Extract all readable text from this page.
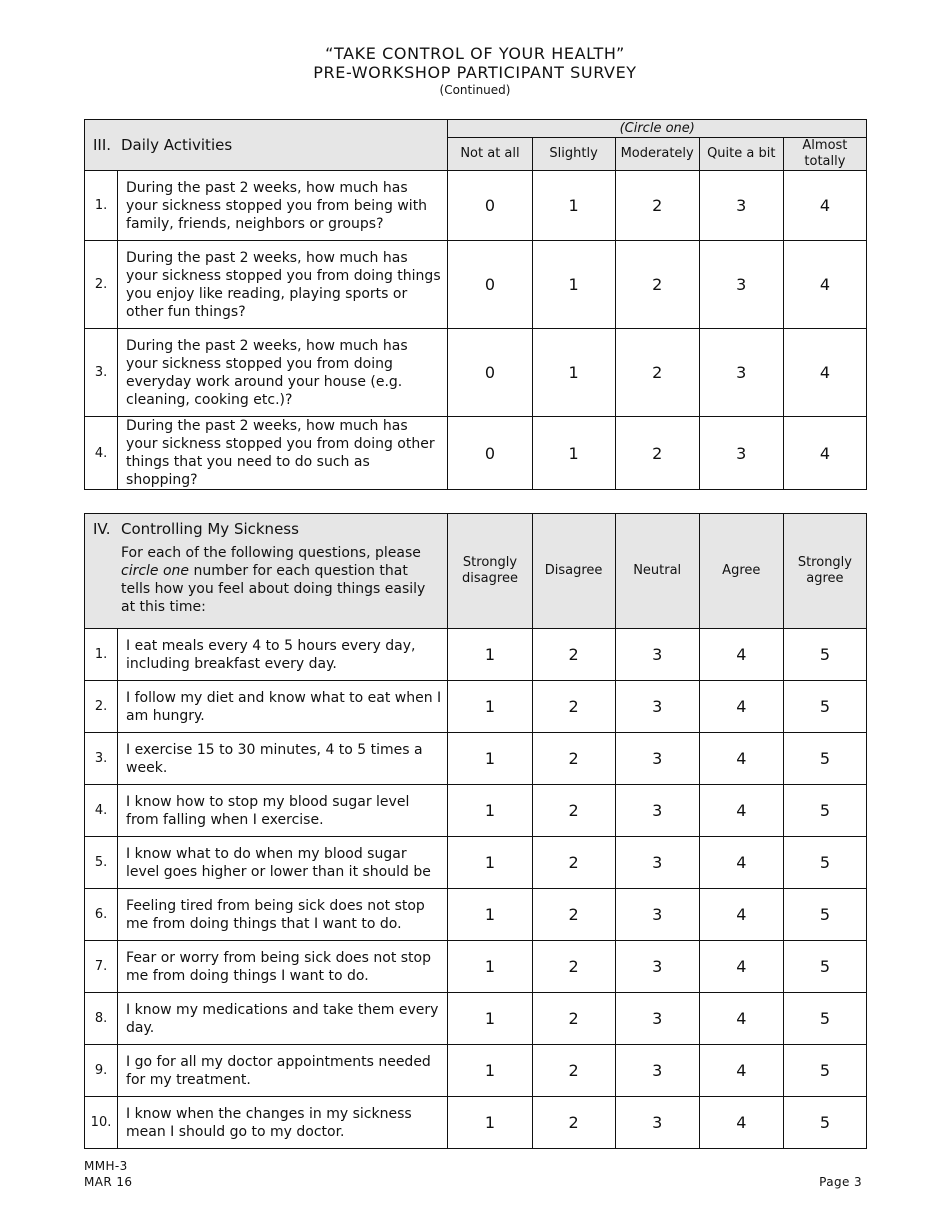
“TAKE CONTROL OF YOUR HEALTH”
PRE-WORKSHOP PARTICIPANT SURVEY
(Continued)
III. Daily Activities		(Circle one)				
		Not at all	Slightly	Moderately	Quite a bit	Almost totally
1.	During the past 2 weeks, how much has your sickness stopped you from being with family, friends, neighbors or groups?	0	1	2	3	4
2.	During the past 2 weeks, how much has your sickness stopped you from doing things you enjoy like reading, playing sports or other fun things?	0	1	2	3	4
3.	During the past 2 weeks, how much has your sickness stopped you from doing everyday work around your house (e.g. cleaning, cooking etc.)?	0	1	2	3	4
4.	During the past 2 weeks, how much has your sickness stopped you from doing other things that you need to do such as shopping?	0	1	2	3	4
IV. Controlling My Sickness
For each of the following questions, please circle one number for each question that tells how you feel about doing things easily at this time:		Strongly disagree	Disagree	Neutral	Agree	Strongly agree
1.	I eat meals every 4 to 5 hours every day, including breakfast every day.	1	2	3	4	5
2.	I follow my diet and know what to eat when I am hungry.	1	2	3	4	5
3.	I exercise 15 to 30 minutes, 4 to 5 times a week.	1	2	3	4	5
4.	I know how to stop my blood sugar level from falling when I exercise.	1	2	3	4	5
5.	I know what to do when my blood sugar level goes higher or lower than it should be	1	2	3	4	5
6.	Feeling tired from being sick does not stop me from doing things that I want to do.	1	2	3	4	5
7.	Fear or worry from being sick does not stop me from doing things I want to do.	1	2	3	4	5
8.	I know my medications and take them every day.	1	2	3	4	5
9.	I go for all my doctor appointments needed for my treatment.	1	2	3	4	5
10.	I know when the changes in my sickness mean I should go to my doctor.	1	2	3	4	5
MMH-3
MAR 16	Page 3
